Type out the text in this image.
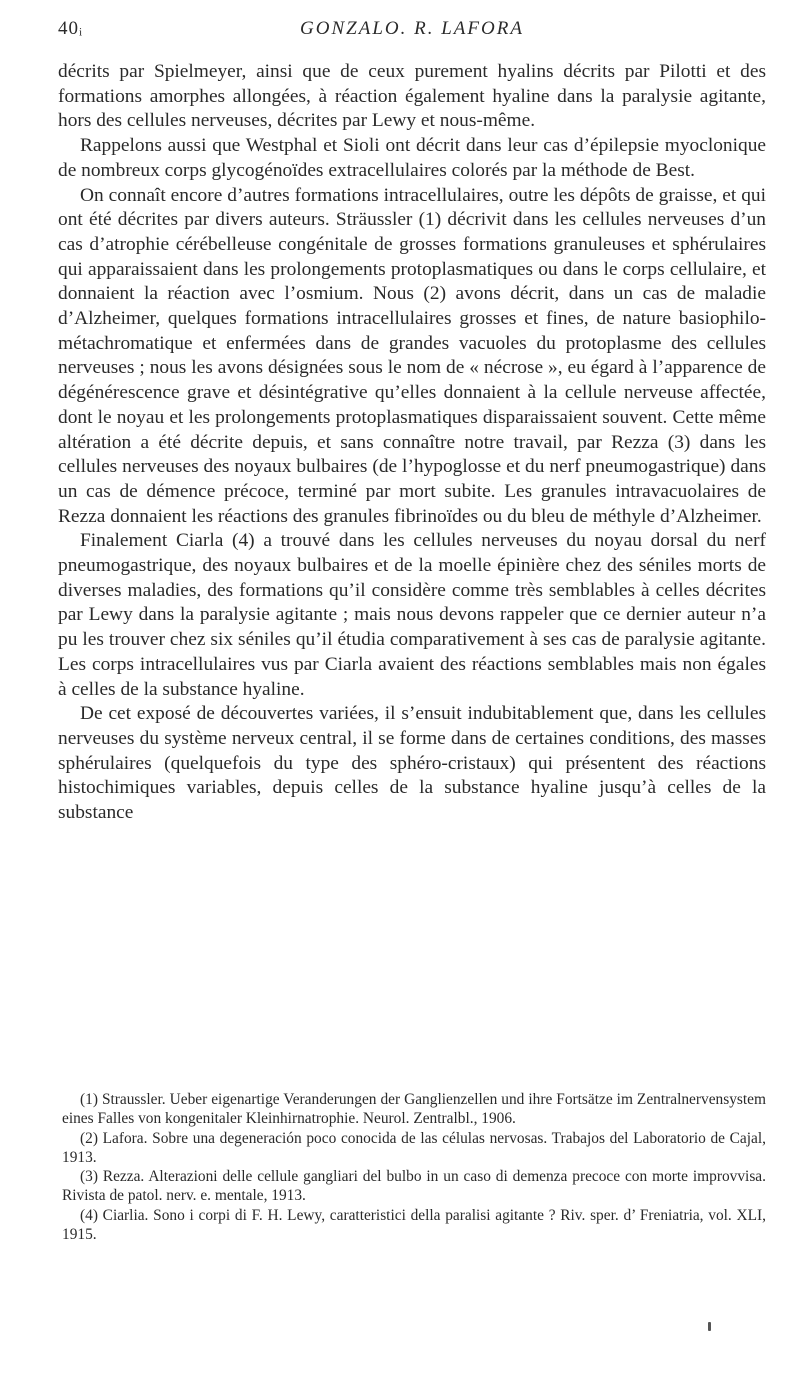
40ᵢ	GONZALO. R. LAFORA

décrits par Spielmeyer, ainsi que de ceux purement hyalins décrits par Pilotti et des formations amorphes allongées, à réaction également hyaline dans la paralysie agitante, hors des cellules nerveuses, décrites par Lewy et nous-même.

Rappelons aussi que Westphal et Sioli ont décrit dans leur cas d’épilepsie myoclonique de nombreux corps glycogénoïdes extracellulaires colorés par la méthode de Best.

On connaît encore d’autres formations intracellulaires, outre les dépôts de graisse, et qui ont été décrites par divers auteurs. Sträussler (1) décrivit dans les cellules nerveuses d’un cas d’atrophie cérébelleuse congénitale de grosses formations granuleuses et sphérulaires qui apparaissaient dans les prolongements protoplasmatiques ou dans le corps cellulaire, et donnaient la réaction avec l’osmium. Nous (2) avons décrit, dans un cas de maladie d’Alzheimer, quelques formations intracellulaires grosses et fines, de nature basiophilo-métachromatique et enfermées dans de grandes vacuoles du protoplasme des cellules nerveuses ; nous les avons désignées sous le nom de « nécrose », eu égard à l’apparence de dégénérescence grave et désintégrative qu’elles donnaient à la cellule nerveuse affectée, dont le noyau et les prolongements protoplasmatiques disparaissaient souvent. Cette même altération a été décrite depuis, et sans connaître notre travail, par Rezza (3) dans les cellules nerveuses des noyaux bulbaires (de l’hypoglosse et du nerf pneumogastrique) dans un cas de démence précoce, terminé par mort subite. Les granules intravacuolaires de Rezza donnaient les réactions des granules fibrinoïdes ou du bleu de méthyle d’Alzheimer.

Finalement Ciarla (4) a trouvé dans les cellules nerveuses du noyau dorsal du nerf pneumogastrique, des noyaux bulbaires et de la moelle épinière chez des séniles morts de diverses maladies, des formations qu’il considère comme très semblables à celles décrites par Lewy dans la paralysie agitante ; mais nous devons rappeler que ce dernier auteur n’a pu les trouver chez six séniles qu’il étudia comparativement à ses cas de paralysie agitante. Les corps intracellulaires vus par Ciarla avaient des réactions semblables mais non égales à celles de la substance hyaline.

De cet exposé de découvertes variées, il s’ensuit indubitablement que, dans les cellules nerveuses du système nerveux central, il se forme dans de certaines conditions, des masses sphérulaires (quelquefois du type des sphéro-cristaux) qui présentent des réactions histochimiques variables, depuis celles de la substance hyaline jusqu’à celles de la substance

(1) Straussler. Ueber eigenartige Veranderungen der Ganglienzellen und ihre Fortsätze im Zentralnervensystem eines Falles von kongenitaler Kleinhirnatrophie. Neurol. Zentralbl., 1906.

(2) Lafora. Sobre una degeneración poco conocida de las células nervosas. Trabajos del Laboratorio de Cajal, 1913.

(3) Rezza. Alterazioni delle cellule gangliari del bulbo in un caso di demenza precoce con morte improvvisa. Rivista de patol. nerv. e. mentale, 1913.

(4) Ciarlia. Sono i corpi di F. H. Lewy, caratteristici della paralisi agitante ? Riv. sper. d’ Freniatria, vol. XLI, 1915.
